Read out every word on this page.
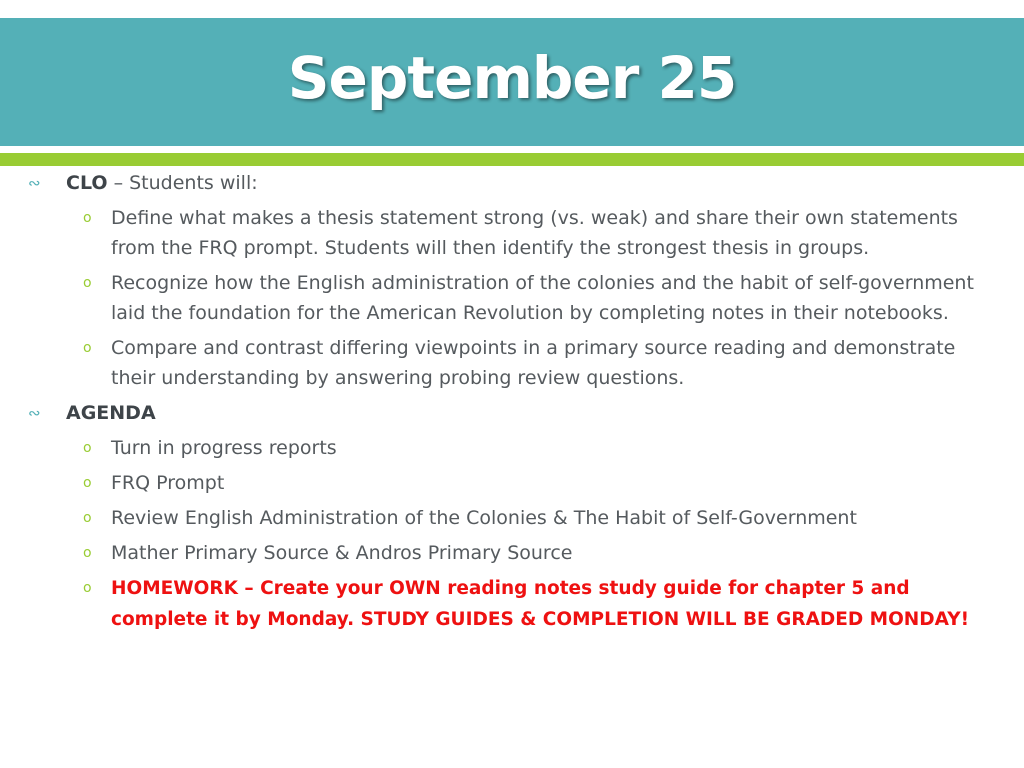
September 25

∾	CLO – Students will:

o Define what makes a thesis statement strong (vs. weak) and share their own statements from the FRQ prompt. Students will then identify the strongest thesis in groups.

o Recognize how the English administration of the colonies and the habit of self-government laid the foundation for the American Revolution by completing notes in their notebooks.

o Compare and contrast differing viewpoints in a primary source reading and demonstrate their understanding by answering probing review questions.

∾	AGENDA

o Turn in progress reports

o FRQ Prompt

o Review English Administration of the Colonies & The Habit of Self-Government

o Mather Primary Source & Andros Primary Source

o HOMEWORK – Create your OWN reading notes study guide for chapter 5 and complete it by Monday. STUDY GUIDES & COMPLETION WILL BE GRADED MONDAY!
